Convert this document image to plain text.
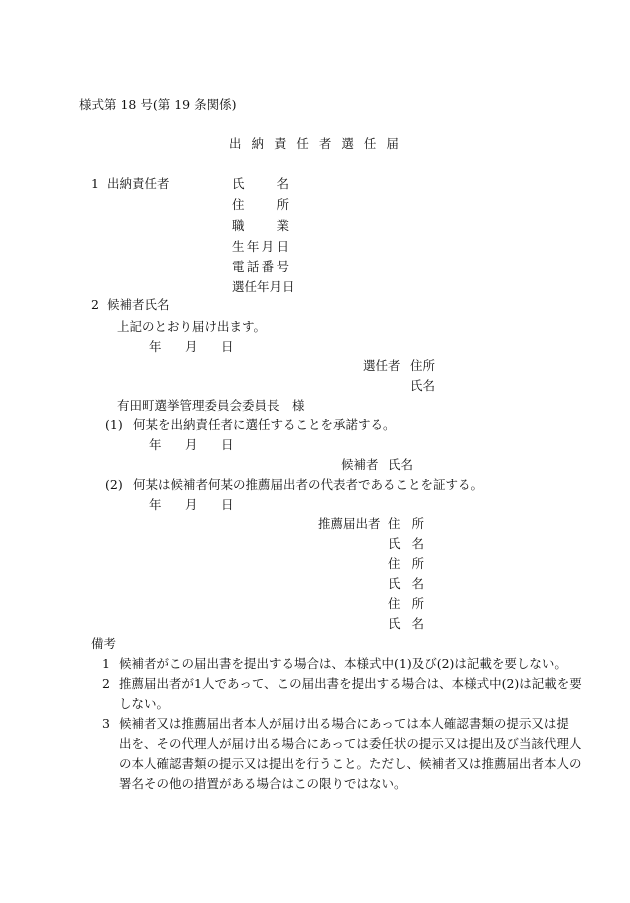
様式第 18 号(第 19 条関係)
出 納 責 任 者 選 任 届
1 出納責任者	氏名
住所
職業
生年月日
電話番号
選任年月日
2 候補者氏名
上記のとおり届け出ます。
年 月 日
選任者 住所
氏名
有田町選挙管理委員会委員長　様
(1) 何某を出納責任者に選任することを承諾する。
年 月 日
候補者 氏名
(2) 何某は候補者何某の推薦届出者の代表者であることを証する。
年 月 日
推薦届出者 住所
氏名
住所
氏名
住所
氏名
備考
1 候補者がこの届出書を提出する場合は、本様式中(1)及び(2)は記載を要しない。
2 推薦届出者が1人であって、この届出書を提出する場合は、本様式中(2)は記載を要
しない。
3 候補者又は推薦届出者本人が届け出る場合にあっては本人確認書類の提示又は提
出を、その代理人が届け出る場合にあっては委任状の提示又は提出及び当該代理人
の本人確認書類の提示又は提出を行うこと。ただし、候補者又は推薦届出者本人の
署名その他の措置がある場合はこの限りではない。
